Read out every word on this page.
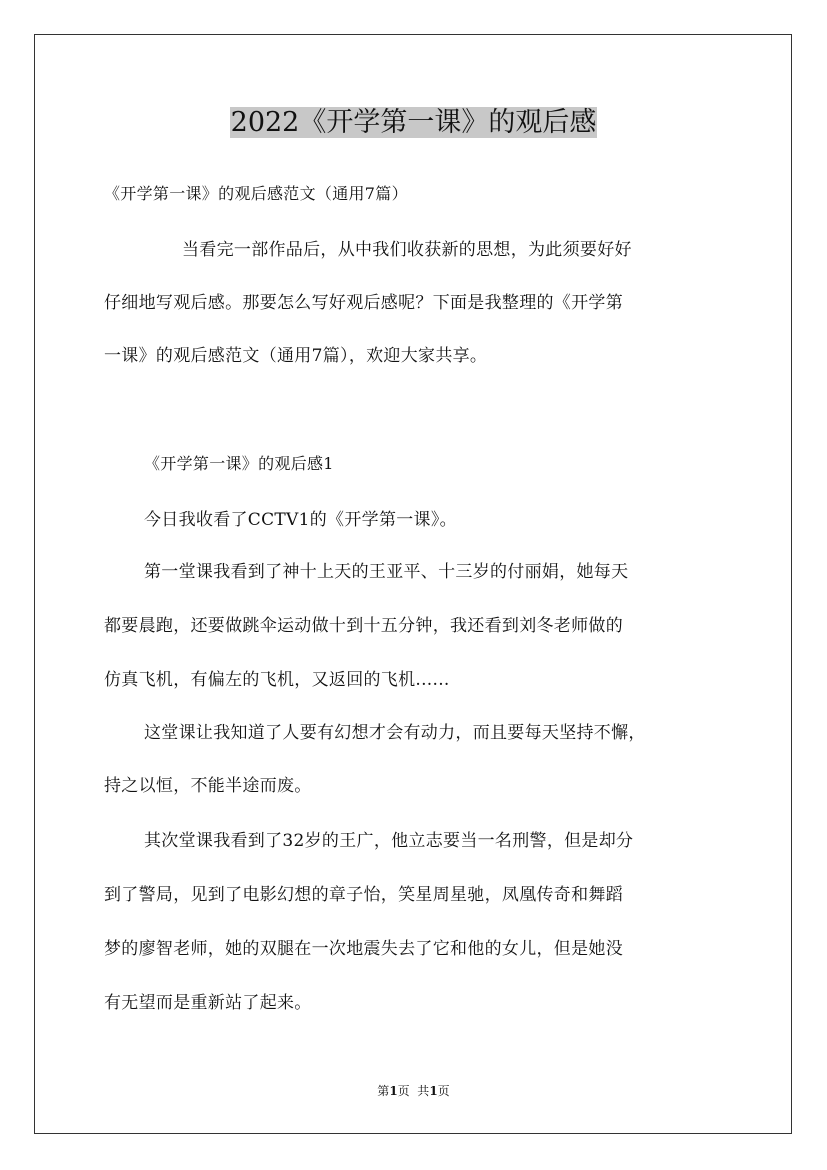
2022《开学第一课》的观后感
《开学第一课》的观后感范文（通用7篇）
当看完一部作品后，从中我们收获新的思想，为此须要好好
仔细地写观后感。那要怎么写好观后感呢？下面是我整理的《开学第
一课》的观后感范文（通用7篇），欢迎大家共享。
《开学第一课》的观后感1
今日我收看了CCTV1的《开学第一课》。
第一堂课我看到了神十上天的王亚平、十三岁的付丽娟，她每天
都要晨跑，还要做跳伞运动做十到十五分钟，我还看到刘冬老师做的
仿真飞机，有偏左的飞机，又返回的飞机......
这堂课让我知道了人要有幻想才会有动力，而且要每天坚持不懈，
持之以恒，不能半途而废。
其次堂课我看到了32岁的王广，他立志要当一名刑警，但是却分
到了警局，见到了电影幻想的章子怡，笑星周星驰，凤凰传奇和舞蹈
梦的廖智老师，她的双腿在一次地震失去了它和他的女儿，但是她没
有无望而是重新站了起来。
第1页  共1页
